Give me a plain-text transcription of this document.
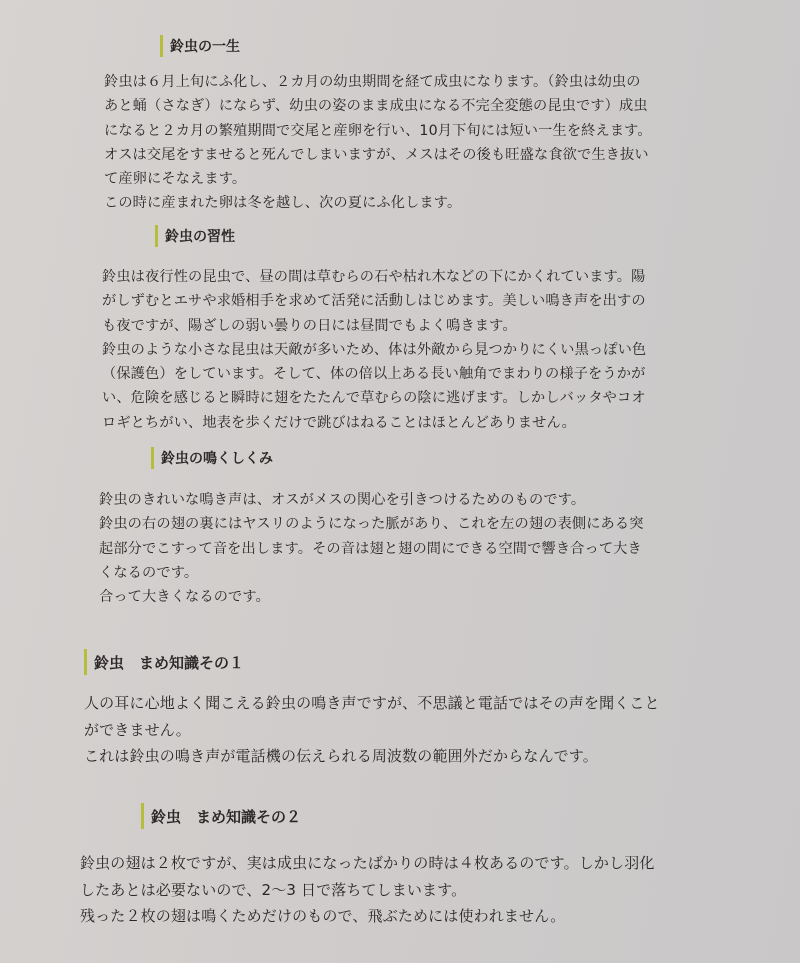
鈴虫の一生

鈴虫は６月上旬にふ化し、２カ月の幼虫期間を経て成虫になります。（鈴虫は幼虫の

あと蛹（さなぎ）にならず、幼虫の姿のまま成虫になる不完全変態の昆虫です）成虫

になると２カ月の繁殖期間で交尾と産卵を行い、10月下旬には短い一生を終えます。

オスは交尾をすませると死んでしまいますが、メスはその後も旺盛な食欲で生き抜い

て産卵にそなえます。

この時に産まれた卵は冬を越し、次の夏にふ化します。

鈴虫の習性

鈴虫は夜行性の昆虫で、昼の間は草むらの石や枯れ木などの下にかくれています。陽

がしずむとエサや求婚相手を求めて活発に活動しはじめます。美しい鳴き声を出すの

も夜ですが、陽ざしの弱い曇りの日には昼間でもよく鳴きます。

鈴虫のような小さな昆虫は天敵が多いため、体は外敵から見つかりにくい黒っぽい色

（保護色）をしています。そして、体の倍以上ある長い触角でまわりの様子をうかが

い、危険を感じると瞬時に翅をたたんで草むらの陰に逃げます。しかしバッタやコオ

ロギとちがい、地表を歩くだけで跳びはねることはほとんどありません。

鈴虫の鳴くしくみ

鈴虫のきれいな鳴き声は、オスがメスの関心を引きつけるためのものです。

鈴虫の右の翅の裏にはヤスリのようになった脈があり、これを左の翅の表側にある突

起部分でこすって音を出します。その音は翅と翅の間にできる空間で響き合って大き

くなるのです。

合って大きくなるのです。

鈴虫　まめ知識その１

人の耳に心地よく聞こえる鈴虫の鳴き声ですが、不思議と電話ではその声を聞くこと

ができません。

これは鈴虫の鳴き声が電話機の伝えられる周波数の範囲外だからなんです。

鈴虫　まめ知識その２

鈴虫の翅は２枚ですが、実は成虫になったばかりの時は４枚あるのです。しかし羽化

したあとは必要ないので、2〜3 日で落ちてしまいます。

残った２枚の翅は鳴くためだけのもので、飛ぶためには使われません。
